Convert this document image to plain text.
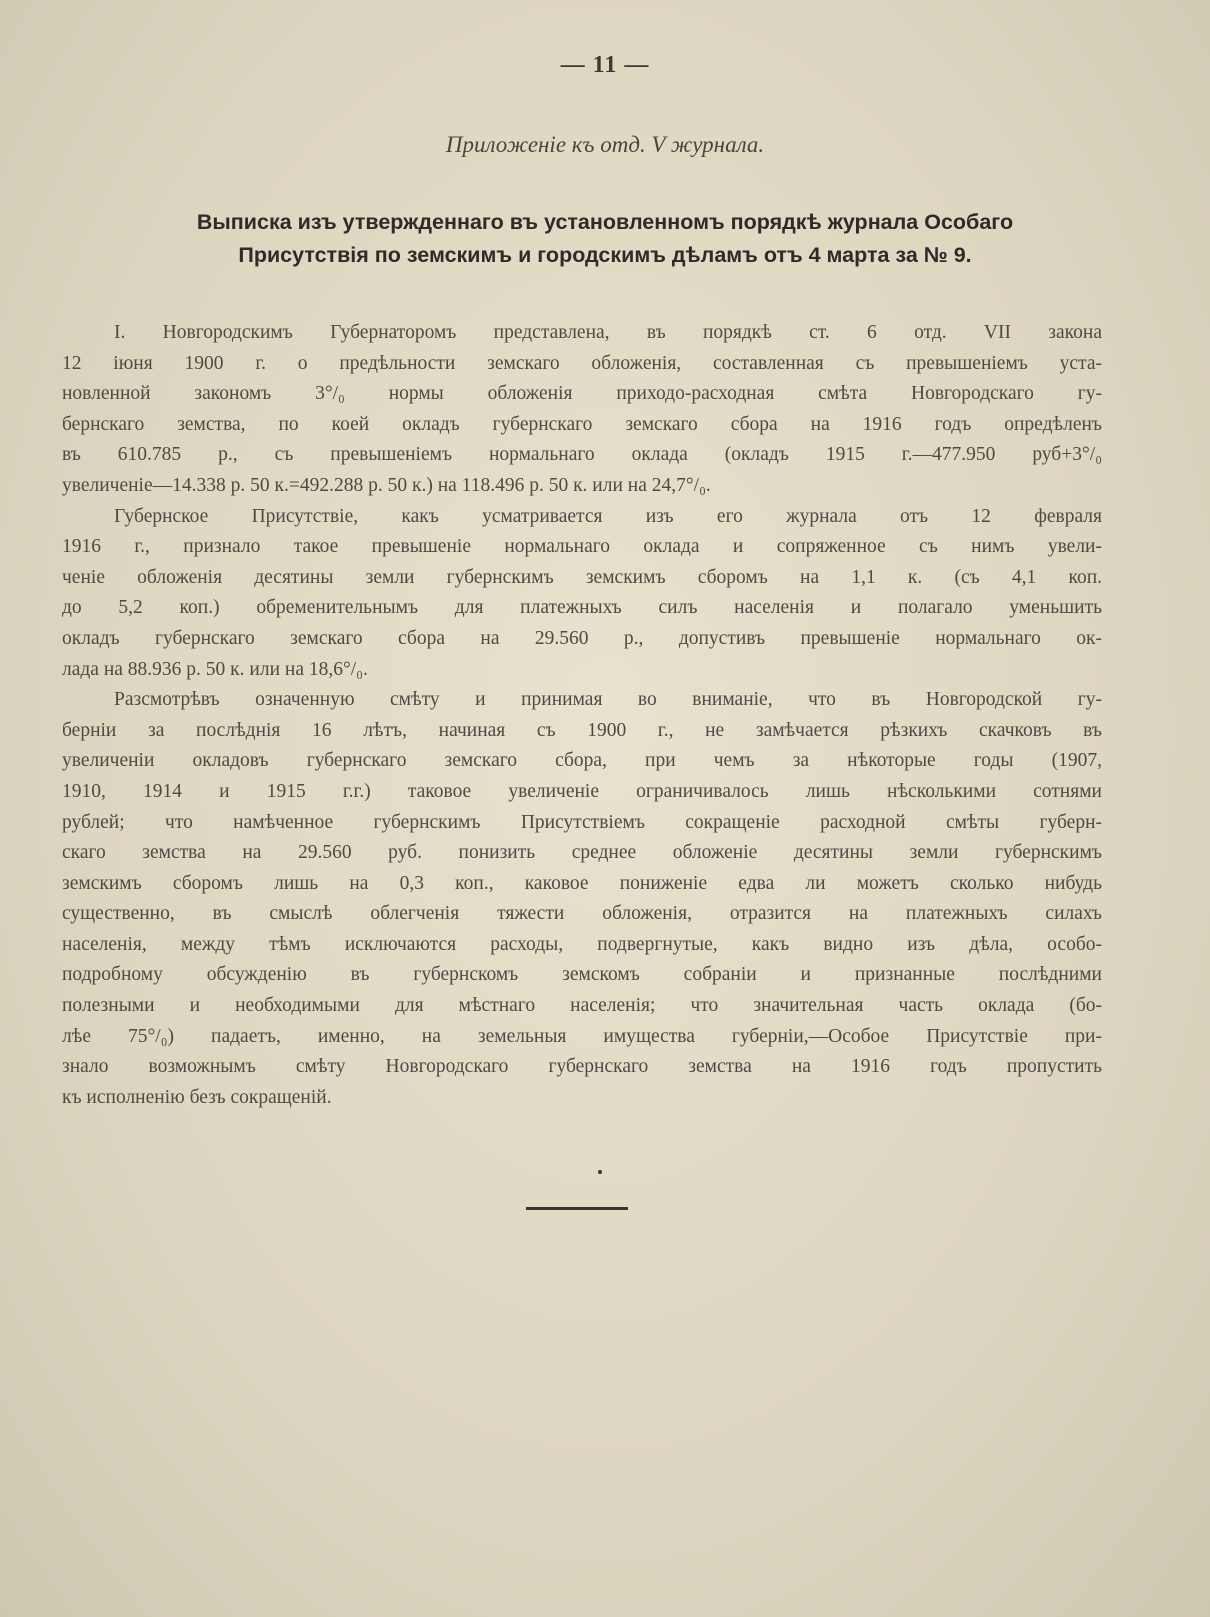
— 11 —
Приложеніе къ отд. V журнала.
Выписка изъ утвержденнаго въ установленномъ порядкѣ журнала Особаго
Присутствія по земскимъ и городскимъ дѣламъ отъ 4 марта за № 9.
I. Новгородскимъ Губернаторомъ представлена, въ порядкѣ ст. 6 отд. VII закона
12 іюня 1900 г. о предѣльности земскаго обложенія, составленная съ превышеніемъ уста-
новленной закономъ 3°/₀ нормы обложенія приходо-расходная смѣта Новгородскаго гу-
бернскаго земства, по коей окладъ губернскаго земскаго сбора на 1916 годъ опредѣленъ
въ 610.785 р., съ превышеніемъ нормальнаго оклада (окладъ 1915 г.—477.950 руб+3°/₀
увеличеніе—14.338 р. 50 к.=492.288 р. 50 к.) на 118.496 р. 50 к. или на 24,7°/₀.
Губернское Присутствіе, какъ усматривается изъ его журнала отъ 12 февраля
1916 г., признало такое превышеніе нормальнаго оклада и сопряженное съ нимъ увели-
ченіе обложенія десятины земли губернскимъ земскимъ сборомъ на 1,1 к. (съ 4,1 коп.
до 5,2 коп.) обременительнымъ для платежныхъ силъ населенія и полагало уменьшить
окладъ губернскаго земскаго сбора на 29.560 р., допустивъ превышеніе нормальнаго ок-
лада на 88.936 р. 50 к. или на 18,6°/₀.
Разсмотрѣвъ означенную смѣту и принимая во вниманіе, что въ Новгородской гу-
берніи за послѣднія 16 лѣтъ, начиная съ 1900 г., не замѣчается рѣзкихъ скачковъ въ
увеличеніи окладовъ губернскаго земскаго сбора, при чемъ за нѣкоторые годы (1907,
1910, 1914 и 1915 г.г.) таковое увеличеніе ограничивалось лишь нѣсколькими сотнями
рублей; что намѣченное губернскимъ Присутствіемъ сокращеніе расходной смѣты губерн-
скаго земства на 29.560 руб. понизить среднее обложеніе десятины земли губернскимъ
земскимъ сборомъ лишь на 0,3 коп., каковое пониженіе едва ли можетъ сколько нибудь
существенно, въ смыслѣ облегченія тяжести обложенія, отразится на платежныхъ силахъ
населенія, между тѣмъ исключаются расходы, подвергнутые, какъ видно изъ дѣла, особо-
подробному обсужденію въ губернскомъ земскомъ собраніи и признанные послѣдними
полезными и необходимыми для мѣстнаго населенія; что значительная часть оклада (бо-
лѣе 75°/₀) падаетъ, именно, на земельныя имущества губерніи,—Особое Присутствіе при-
знало возможнымъ смѣту Новгородскаго губернскаго земства на 1916 годъ пропустить
къ исполненію безъ сокращеній.
